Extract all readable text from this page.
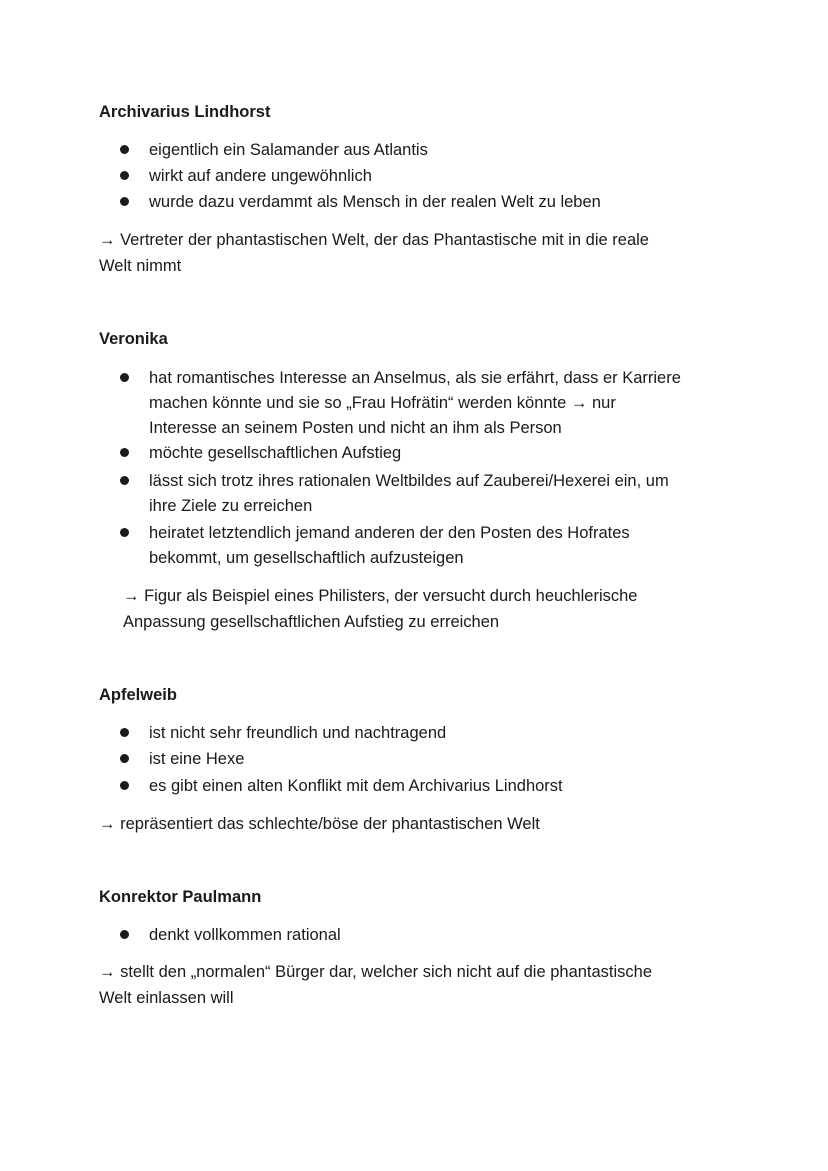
Archivarius Lindhorst
eigentlich ein Salamander aus Atlantis
wirkt auf andere ungewöhnlich
wurde dazu verdammt als Mensch in der realen Welt zu leben
→ Vertreter der phantastischen Welt, der das Phantastische mit in die reale
Welt nimmt
Veronika
hat romantisches Interesse an Anselmus, als sie erfährt, dass er Karriere
machen könnte und sie so „Frau Hofrätin“ werden könnte → nur
Interesse an seinem Posten und nicht an ihm als Person
möchte gesellschaftlichen Aufstieg
lässt sich trotz ihres rationalen Weltbildes auf Zauberei/Hexerei ein, um
ihre Ziele zu erreichen
heiratet letztendlich jemand anderen der den Posten des Hofrates
bekommt, um gesellschaftlich aufzusteigen
→ Figur als Beispiel eines Philisters, der versucht durch heuchlerische
Anpassung gesellschaftlichen Aufstieg zu erreichen
Apfelweib
ist nicht sehr freundlich und nachtragend
ist eine Hexe
es gibt einen alten Konflikt mit dem Archivarius Lindhorst
→ repräsentiert das schlechte/böse der phantastischen Welt
Konrektor Paulmann
denkt vollkommen rational
→ stellt den „normalen“ Bürger dar, welcher sich nicht auf die phantastische
Welt einlassen will
